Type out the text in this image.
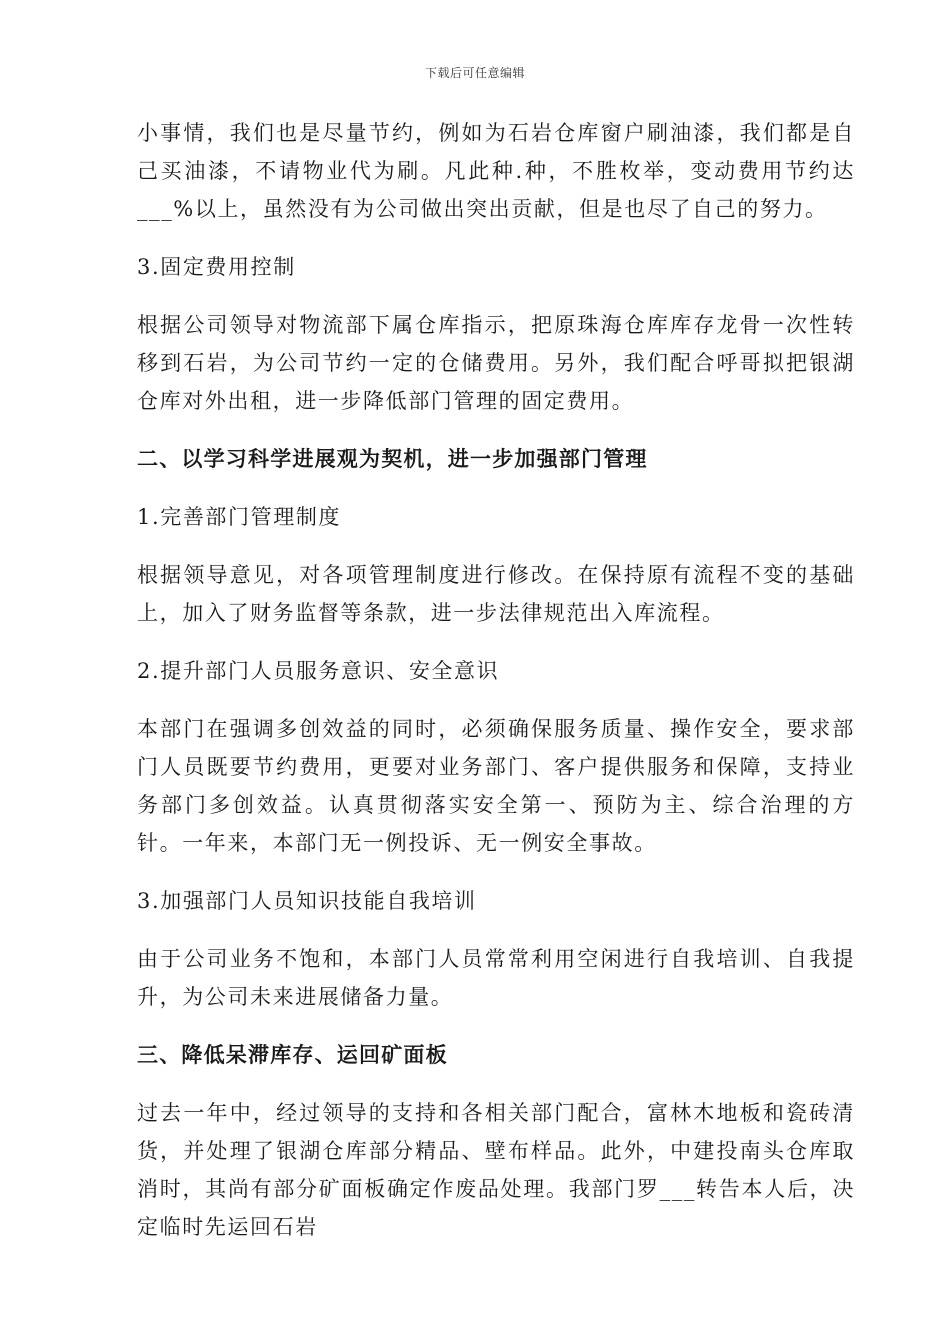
下载后可任意编辑

小事情，我们也是尽量节约，例如为石岩仓库窗户刷油漆，我们都是自己买油漆，不请物业代为刷。凡此种.种，不胜枚举，变动费用节约达___%以上，虽然没有为公司做出突出贡献，但是也尽了自己的努力。

3.固定费用控制

根据公司领导对物流部下属仓库指示，把原珠海仓库库存龙骨一次性转移到石岩，为公司节约一定的仓储费用。另外，我们配合呼哥拟把银湖仓库对外出租，进一步降低部门管理的固定费用。

二、以学习科学进展观为契机，进一步加强部门管理

1.完善部门管理制度

根据领导意见，对各项管理制度进行修改。在保持原有流程不变的基础上，加入了财务监督等条款，进一步法律规范出入库流程。

2.提升部门人员服务意识、安全意识

本部门在强调多创效益的同时，必须确保服务质量、操作安全，要求部门人员既要节约费用，更要对业务部门、客户提供服务和保障，支持业务部门多创效益。认真贯彻落实安全第一、预防为主、综合治理的方针。一年来，本部门无一例投诉、无一例安全事故。

3.加强部门人员知识技能自我培训

由于公司业务不饱和，本部门人员常常利用空闲进行自我培训、自我提升，为公司未来进展储备力量。

三、降低呆滞库存、运回矿面板

过去一年中，经过领导的支持和各相关部门配合，富林木地板和瓷砖清货，并处理了银湖仓库部分精品、壁布样品。此外，中建投南头仓库取消时，其尚有部分矿面板确定作废品处理。我部门罗___转告本人后，决定临时先运回石岩
